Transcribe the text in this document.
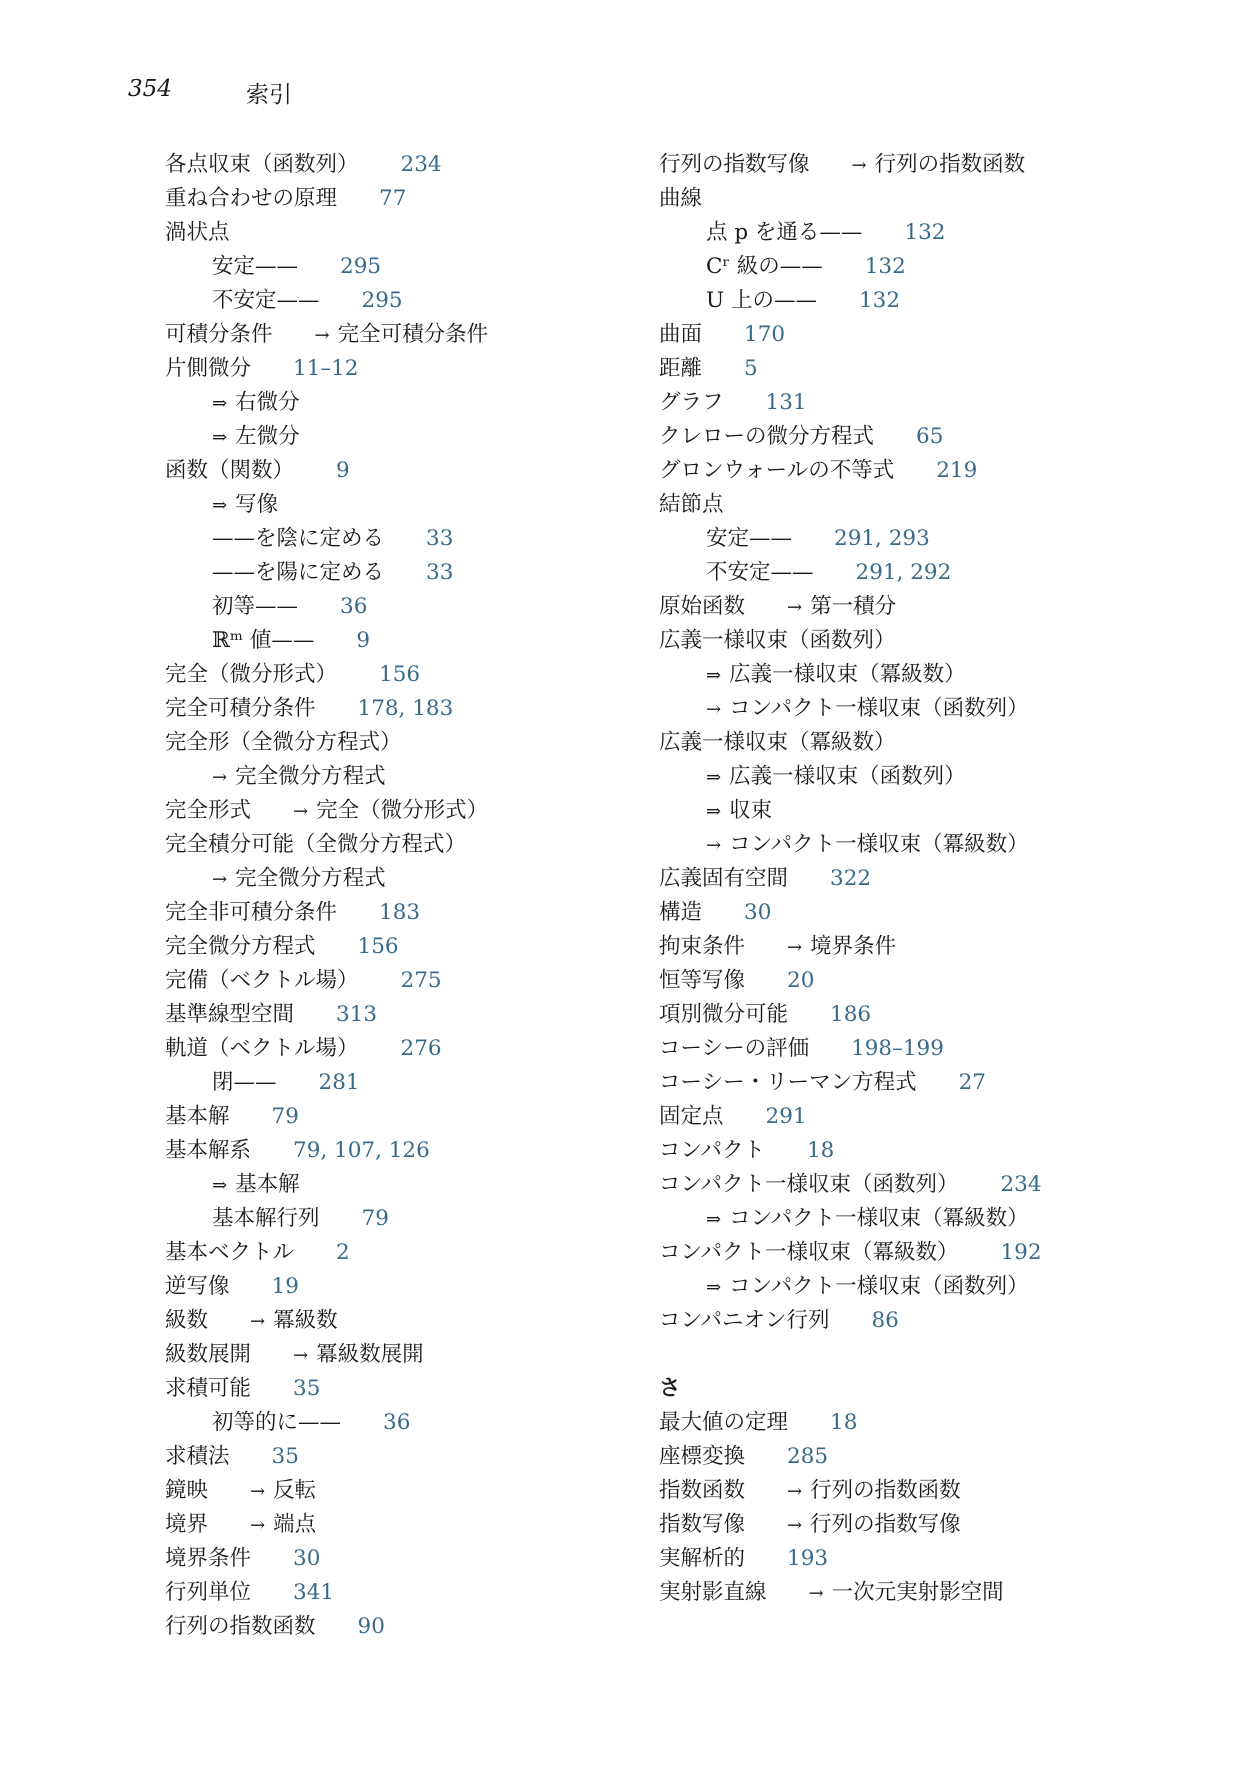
354	索引
各点収束（函数列） 234
重ね合わせの原理 77
渦状点
安定—— 295
不安定—— 295
可積分条件 → 完全可積分条件
片側微分 11–12
⇒ 右微分
⇒ 左微分
函数（関数） 9
⇒ 写像
——を陰に定める 33
——を陽に定める 33
初等—— 36
ℝᵐ 値—— 9
完全（微分形式） 156
完全可積分条件 178, 183
完全形（全微分方程式）
→ 完全微分方程式
完全形式 → 完全（微分形式）
完全積分可能（全微分方程式）
→ 完全微分方程式
完全非可積分条件 183
完全微分方程式 156
完備（ベクトル場） 275
基準線型空間 313
軌道（ベクトル場） 276
閉—— 281
基本解 79
基本解系 79, 107, 126
⇒ 基本解
基本解行列 79
基本ベクトル 2
逆写像 19
級数 → 冪級数
級数展開 → 冪級数展開
求積可能 35
初等的に—— 36
求積法 35
鏡映 → 反転
境界 → 端点
境界条件 30
行列単位 341
行列の指数函数 90
行列の指数写像 → 行列の指数函数
曲線
点 p を通る—— 132
Cʳ 級の—— 132
U 上の—— 132
曲面 170
距離 5
グラフ 131
クレローの微分方程式 65
グロンウォールの不等式 219
結節点
安定—— 291, 293
不安定—— 291, 292
原始函数 → 第一積分
広義一様収束（函数列）
⇒ 広義一様収束（冪級数）
→ コンパクト一様収束（函数列）
広義一様収束（冪級数）
⇒ 広義一様収束（函数列）
⇒ 収束
→ コンパクト一様収束（冪級数）
広義固有空間 322
構造 30
拘束条件 → 境界条件
恒等写像 20
項別微分可能 186
コーシーの評価 198–199
コーシー・リーマン方程式 27
固定点 291
コンパクト 18
コンパクト一様収束（函数列） 234
⇒ コンパクト一様収束（冪級数）
コンパクト一様収束（冪級数） 192
⇒ コンパクト一様収束（函数列）
コンパニオン行列 86
さ
最大値の定理 18
座標変換 285
指数函数 → 行列の指数函数
指数写像 → 行列の指数写像
実解析的 193
実射影直線 → 一次元実射影空間
